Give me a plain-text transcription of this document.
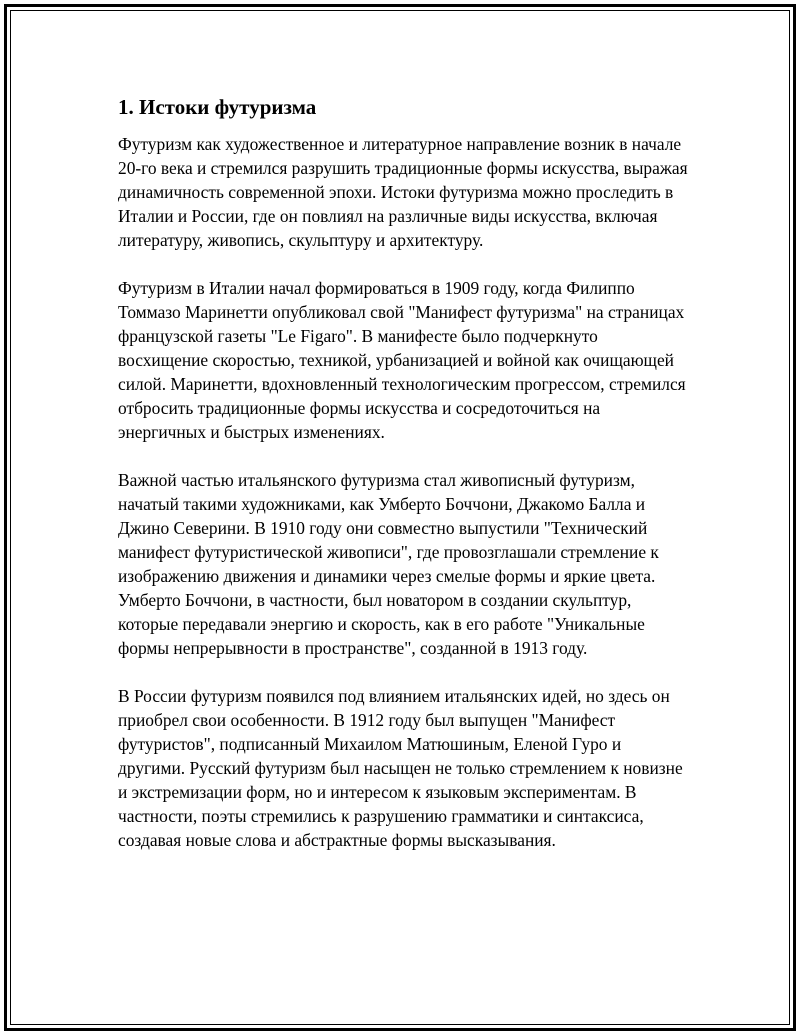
1. Истоки футуризма

Футуризм как художественное и литературное направление возник в начале 20-го века и стремился разрушить традиционные формы искусства, выражая динамичность современной эпохи. Истоки футуризма можно проследить в Италии и России, где он повлиял на различные виды искусства, включая литературу, живопись, скульптуру и архитектуру.

Футуризм в Италии начал формироваться в 1909 году, когда Филиппо Томмазо Маринетти опубликовал свой "Манифест футуризма" на страницах французской газеты "Le Figaro". В манифесте было подчеркнуто восхищение скоростью, техникой, урбанизацией и войной как очищающей силой. Маринетти, вдохновленный технологическим прогрессом, стремился отбросить традиционные формы искусства и сосредоточиться на энергичных и быстрых изменениях.

Важной частью итальянского футуризма стал живописный футуризм, начатый такими художниками, как Умберто Боччони, Джакомо Балла и Джино Северини. В 1910 году они совместно выпустили "Технический манифест футуристической живописи", где провозглашали стремление к изображению движения и динамики через смелые формы и яркие цвета. Умберто Боччони, в частности, был новатором в создании скульптур, которые передавали энергию и скорость, как в его работе "Уникальные формы непрерывности в пространстве", созданной в 1913 году.

В России футуризм появился под влиянием итальянских идей, но здесь он приобрел свои особенности. В 1912 году был выпущен "Манифест футуристов", подписанный Михаилом Матюшиным, Еленой Гуро и другими. Русский футуризм был насыщен не только стремлением к новизне и экстремизации форм, но и интересом к языковым экспериментам. В частности, поэты стремились к разрушению грамматики и синтаксиса, создавая новые слова и абстрактные формы высказывания.
